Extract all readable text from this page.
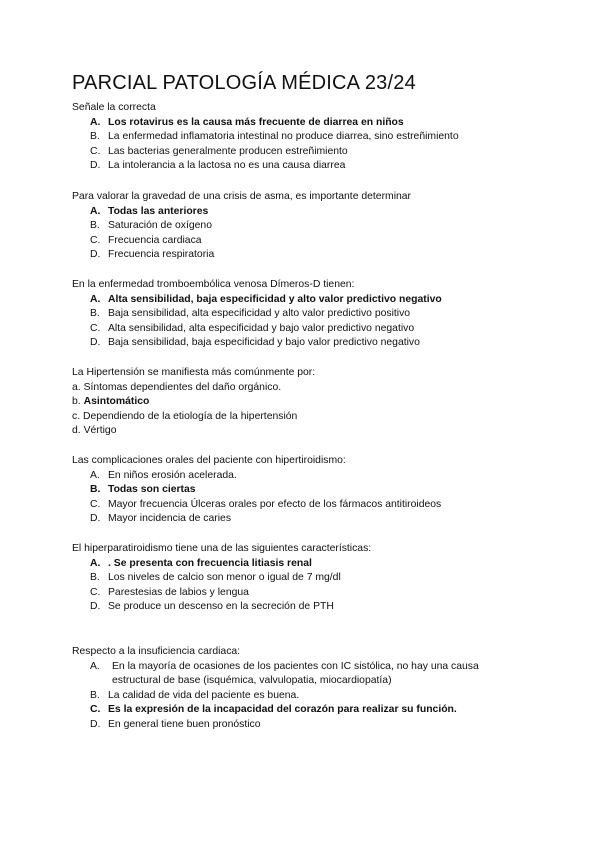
PARCIAL PATOLOGÍA MÉDICA 23/24
Señale la correcta
A. Los rotavirus es la causa más frecuente de diarrea en niños
B. La enfermedad inflamatoria intestinal no produce diarrea, sino estreñimiento
C. Las bacterias generalmente producen estreñimiento
D. La intolerancia a la lactosa no es una causa diarrea
Para valorar la gravedad de una crisis de asma, es importante determinar
A. Todas las anteriores
B. Saturación de oxígeno
C. Frecuencia cardiaca
D. Frecuencia respiratoria
En la enfermedad tromboembólica venosa Dímeros-D tienen:
A. Alta sensibilidad, baja especificidad y alto valor predictivo negativo
B. Baja sensibilidad, alta especificidad y alto valor predictivo positivo
C. Alta sensibilidad, alta especificidad y bajo valor predictivo negativo
D. Baja sensibilidad, baja especificidad y bajo valor predictivo negativo
La Hipertensión se manifiesta más comúnmente por:
a. Síntomas dependientes del daño orgánico.
b. Asintomático
c. Dependiendo de la etiología de la hipertensión
d. Vértigo
Las complicaciones orales del paciente con hipertiroidismo:
A. En niños erosión acelerada.
B. Todas son ciertas
C. Mayor frecuencia Úlceras orales por efecto de los fármacos antitiroideos
D. Mayor incidencia de caries
El hiperparatiroidismo tiene una de las siguientes características:
A. . Se presenta con frecuencia litiasis renal
B. Los niveles de calcio son menor o igual de 7 mg/dl
C. Parestesias de labios y lengua
D. Se produce un descenso en la secreción de PTH
Respecto a la insuficiencia cardiaca:
A. En la mayoría de ocasiones de los pacientes con IC sistólica, no hay una causa estructural de base (isquémica, valvulopatia, miocardiopatía)
B. La calidad de vida del paciente es buena.
C. Es la expresión de la incapacidad del corazón para realizar su función.
D. En general tiene buen pronóstico
